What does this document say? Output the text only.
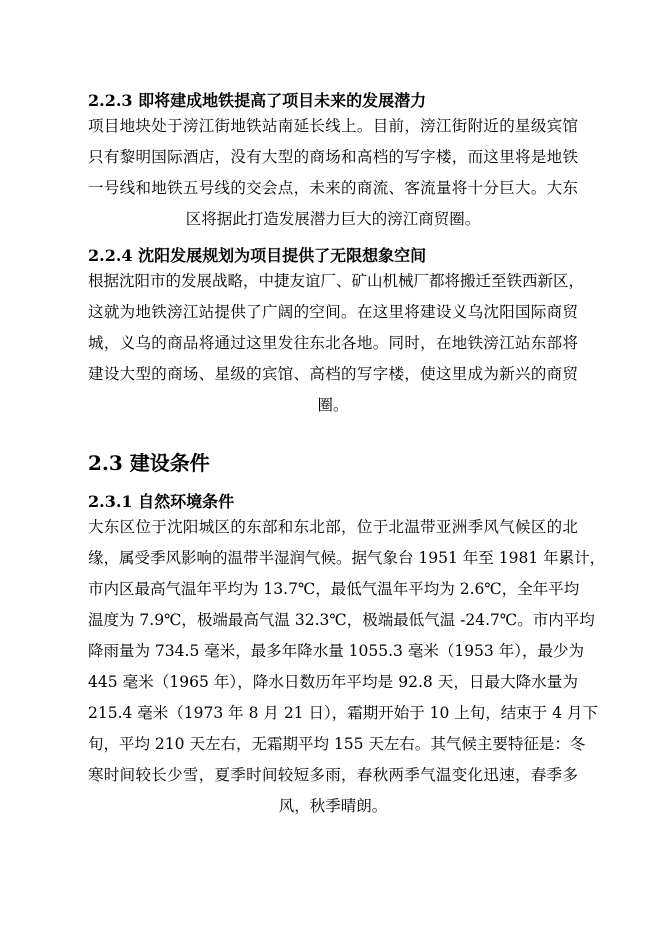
2.2.3 即将建成地铁提高了项目未来的发展潜力
项目地块处于滂江街地铁站南延长线上。目前，滂江街附近的星级宾馆
只有黎明国际酒店，没有大型的商场和高档的写字楼，而这里将是地铁
一号线和地铁五号线的交会点，未来的商流、客流量将十分巨大。大东
区将据此打造发展潜力巨大的滂江商贸圈。
2.2.4 沈阳发展规划为项目提供了无限想象空间
根据沈阳市的发展战略，中捷友谊厂、矿山机械厂都将搬迁至铁西新区，
这就为地铁滂江站提供了广阔的空间。在这里将建设义乌沈阳国际商贸
城，义乌的商品将通过这里发往东北各地。同时，在地铁滂江站东部将
建设大型的商场、星级的宾馆、高档的写字楼，使这里成为新兴的商贸
圈。
2.3 建设条件
2.3.1 自然环境条件
大东区位于沈阳城区的东部和东北部，位于北温带亚洲季风气候区的北
缘，属受季风影响的温带半湿润气候。据气象台 1951 年至 1981 年累计，
市内区最高气温年平均为 13.7℃，最低气温年平均为 2.6℃，全年平均
温度为 7.9℃，极端最高气温 32.3℃，极端最低气温 -24.7℃。市内平均
降雨量为 734.5 毫米，最多年降水量 1055.3 毫米（1953 年），最少为
445 毫米（1965 年），降水日数历年平均是 92.8 天，日最大降水量为
215.4 毫米（1973 年 8 月 21 日），霜期开始于 10 上旬，结束于 4 月下
旬，平均 210 天左右，无霜期平均 155 天左右。其气候主要特征是：冬
寒时间较长少雪，夏季时间较短多雨，春秋两季气温变化迅速，春季多
风，秋季晴朗。
